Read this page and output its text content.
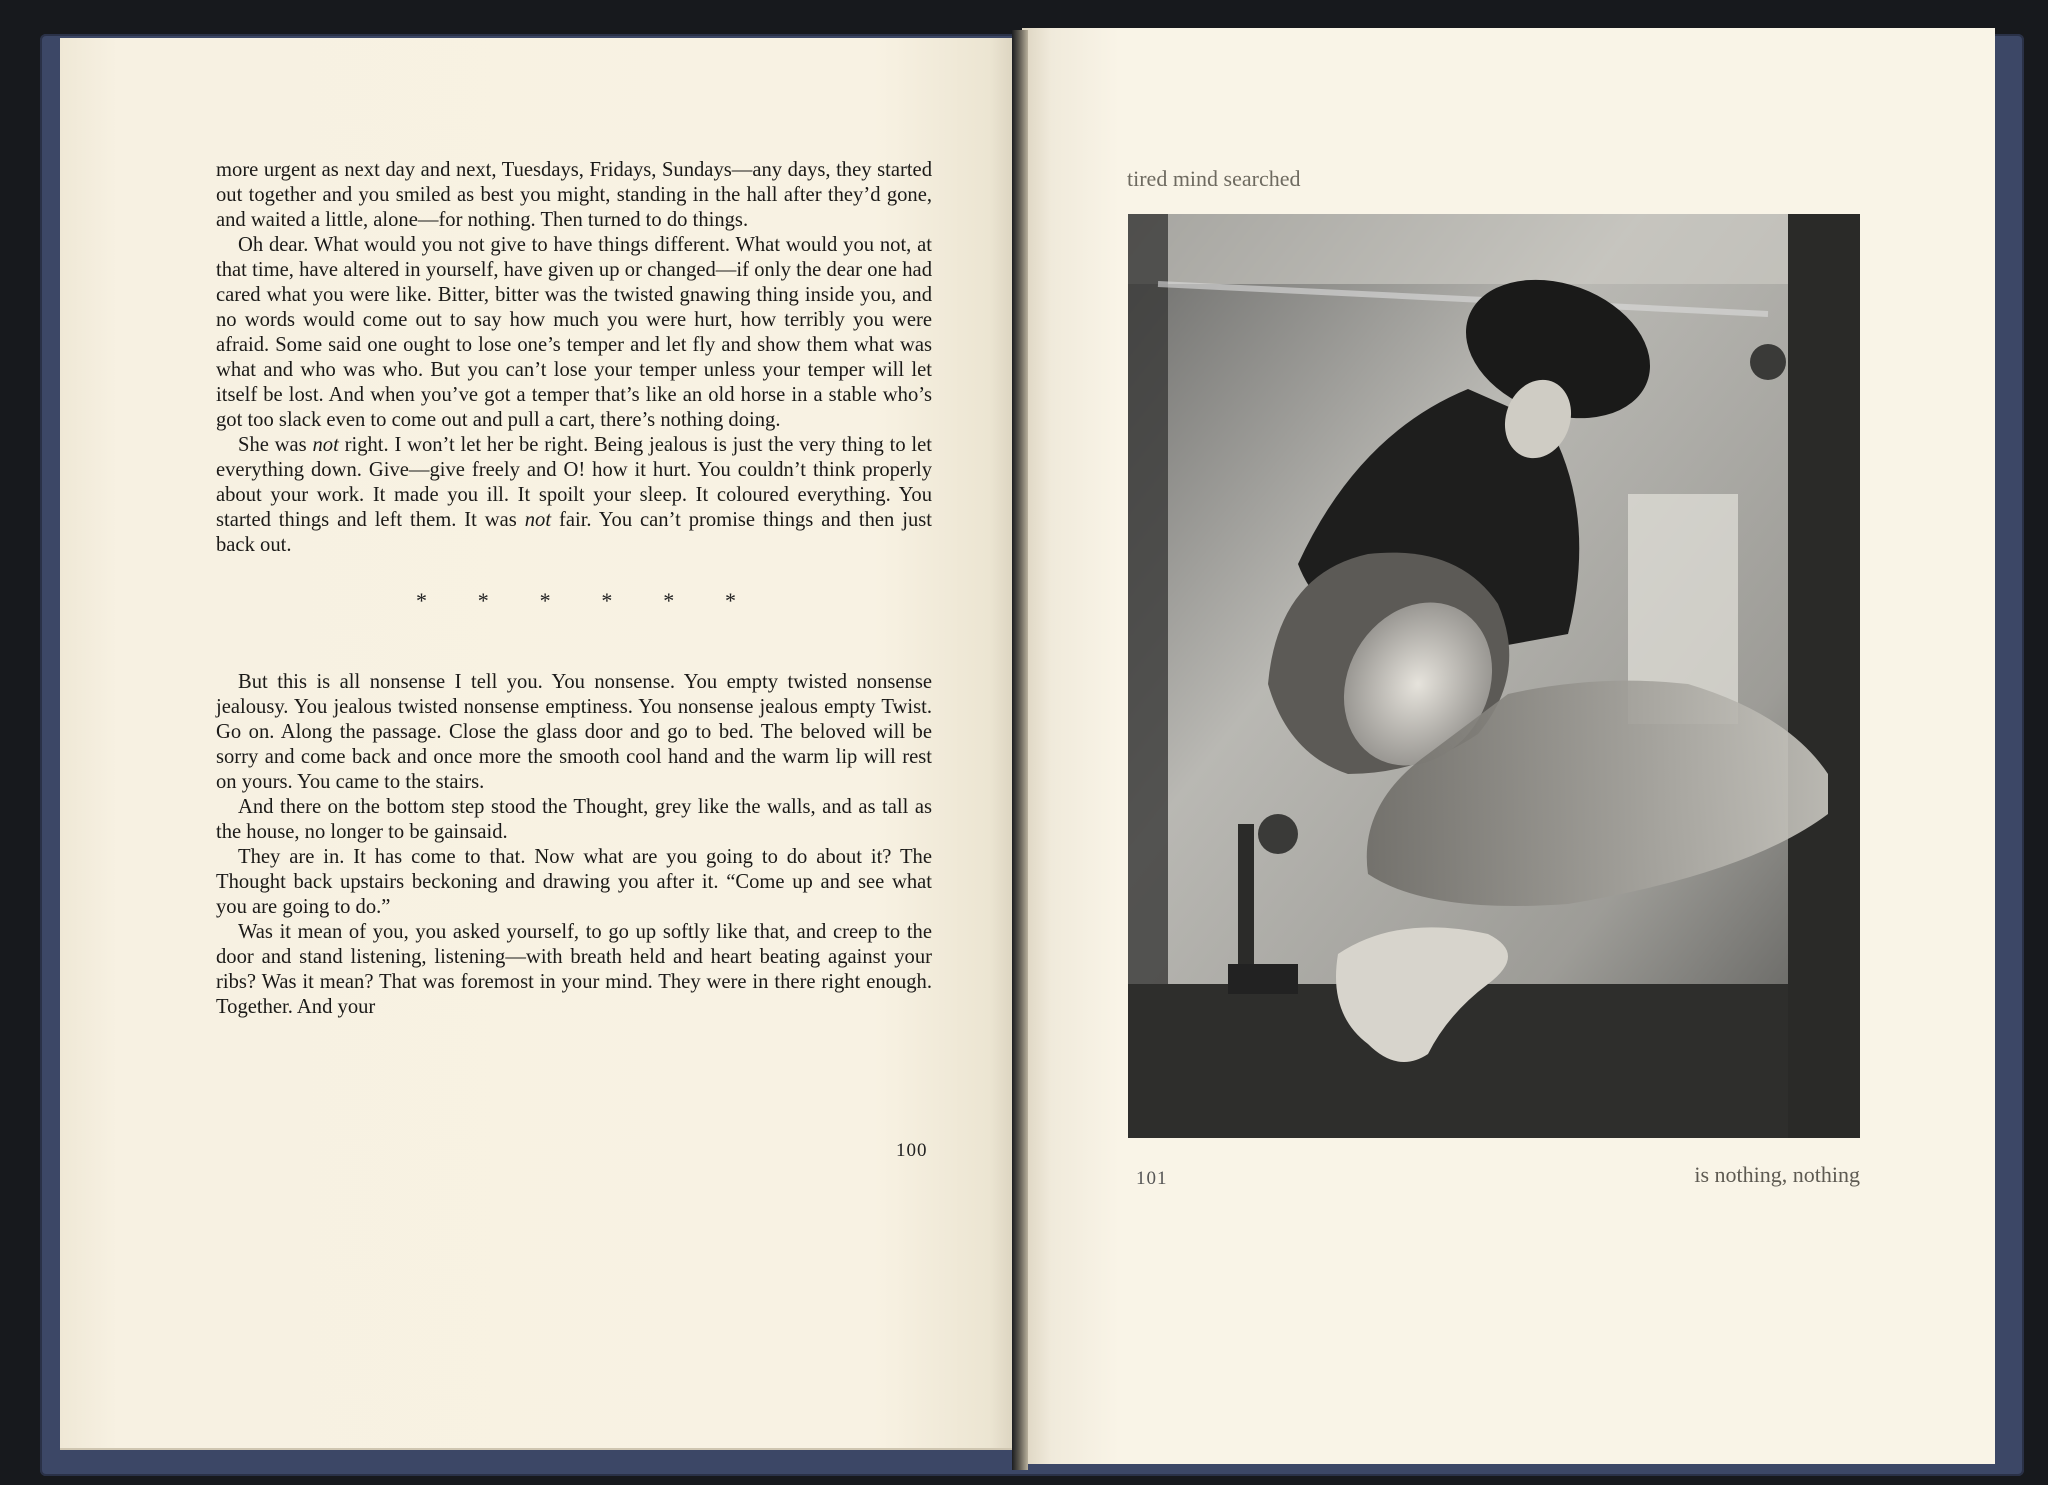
more urgent as next day and next, Tuesdays, Fridays, Sundays—any days, they started out together and you smiled as best you might, standing in the hall after they’d gone, and waited a little, alone—for nothing. Then turned to do things.

Oh dear. What would you not give to have things different. What would you not, at that time, have altered in yourself, have given up or changed—if only the dear one had cared what you were like. Bitter, bitter was the twisted gnawing thing inside you, and no words would come out to say how much you were hurt, how terribly you were afraid. Some said one ought to lose one’s temper and let fly and show them what was what and who was who. But you can’t lose your temper unless your temper will let itself be lost. And when you’ve got a temper that’s like an old horse in a stable who’s got too slack even to come out and pull a cart, there’s nothing doing.

She was not right. I won’t let her be right. Being jealous is just the very thing to let everything down. Give—give freely and O! how it hurt. You couldn’t think properly about your work. It made you ill. It spoilt your sleep. It coloured everything. You started things and left them. It was not fair. You can’t promise things and then just back out.

* * * * * *

But this is all nonsense I tell you. You nonsense. You empty twisted nonsense jealousy. You jealous twisted nonsense emptiness. You nonsense jealous empty Twist. Go on. Along the passage. Close the glass door and go to bed. The beloved will be sorry and come back and once more the smooth cool hand and the warm lip will rest on yours. You came to the stairs.

And there on the bottom step stood the Thought, grey like the walls, and as tall as the house, no longer to be gainsaid.

They are in. It has come to that. Now what are you going to do about it? The Thought back upstairs beckoning and drawing you after it. “Come up and see what you are going to do.”

Was it mean of you, you asked yourself, to go up softly like that, and creep to the door and stand listening, listening—with breath held and heart beating against your ribs? Was it mean? That was foremost in your mind. They were in there right enough. Together. And your

100
tired mind searched
101	is nothing, nothing
